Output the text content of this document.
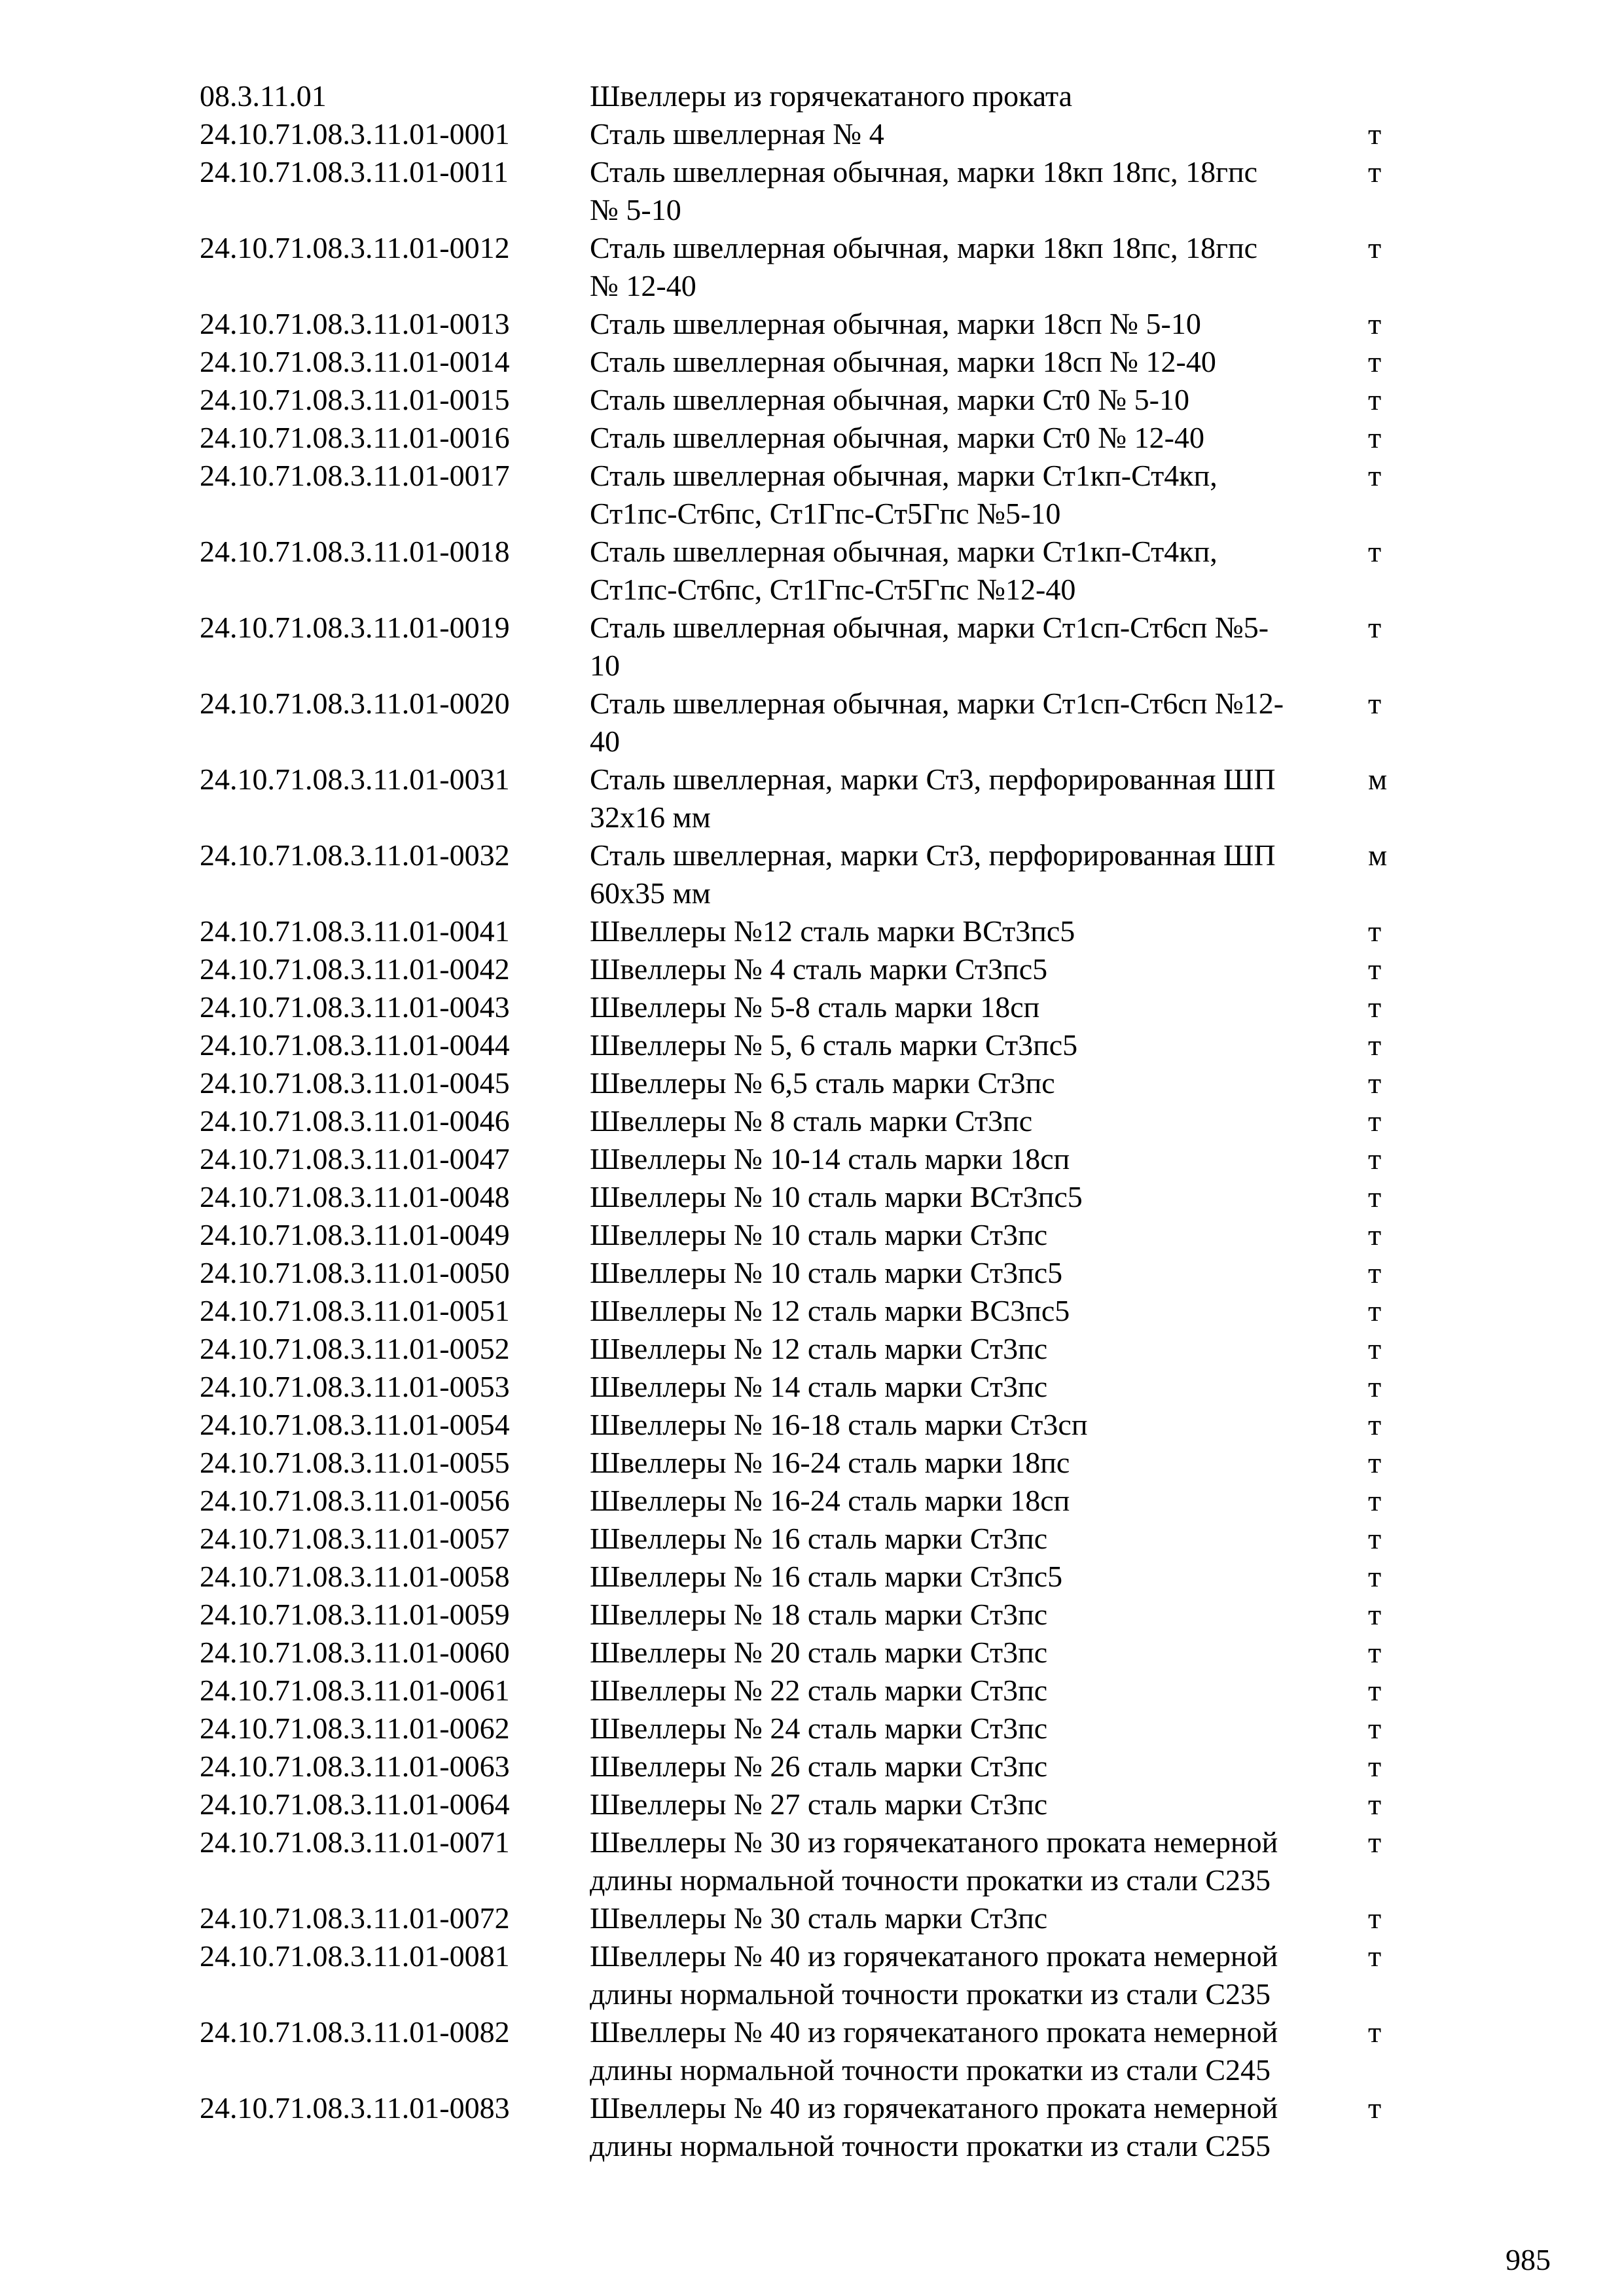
08.3.11.01	Швеллеры из горячекатаного проката
24.10.71.08.3.11.01-0001	Сталь швеллерная № 4	т
24.10.71.08.3.11.01-0011	Сталь швеллерная обычная, марки 18кп 18пс, 18гпс
№ 5-10
т
24.10.71.08.3.11.01-0012	Сталь швеллерная обычная, марки 18кп 18пс, 18гпс
№ 12-40
т
24.10.71.08.3.11.01-0013	Сталь швеллерная обычная, марки 18сп № 5-10	т
24.10.71.08.3.11.01-0014	Сталь швеллерная обычная, марки 18сп № 12-40	т
24.10.71.08.3.11.01-0015	Сталь швеллерная обычная, марки Ст0 № 5-10	т
24.10.71.08.3.11.01-0016	Сталь швеллерная обычная, марки Ст0 № 12-40	т
24.10.71.08.3.11.01-0017	Сталь швеллерная обычная, марки Ст1кп-Ст4кп,
Ст1пс-Ст6пс, Ст1Гпс-Ст5Гпс №5-10
т
24.10.71.08.3.11.01-0018	Сталь швеллерная обычная, марки Ст1кп-Ст4кп,
Ст1пс-Ст6пс, Ст1Гпс-Ст5Гпс №12-40
т
24.10.71.08.3.11.01-0019	Сталь швеллерная обычная, марки Ст1сп-Ст6сп №5-
10
т
24.10.71.08.3.11.01-0020	Сталь швеллерная обычная, марки Ст1сп-Ст6сп №12-
40
т
24.10.71.08.3.11.01-0031	Сталь швеллерная, марки Ст3, перфорированная ШП
32x16 мм
м
24.10.71.08.3.11.01-0032	Сталь швеллерная, марки Ст3, перфорированная ШП
60x35 мм
м
24.10.71.08.3.11.01-0041	Швеллеры №12 сталь марки ВСт3пс5	т
24.10.71.08.3.11.01-0042	Швеллеры № 4 сталь марки Ст3пс5	т
24.10.71.08.3.11.01-0043	Швеллеры № 5-8 сталь марки 18сп	т
24.10.71.08.3.11.01-0044	Швеллеры № 5, 6 сталь марки Ст3пс5	т
24.10.71.08.3.11.01-0045	Швеллеры № 6,5 сталь марки Ст3пс	т
24.10.71.08.3.11.01-0046	Швеллеры № 8 сталь марки Ст3пс	т
24.10.71.08.3.11.01-0047	Швеллеры № 10-14 сталь марки 18сп	т
24.10.71.08.3.11.01-0048	Швеллеры № 10 сталь марки ВСт3пс5	т
24.10.71.08.3.11.01-0049	Швеллеры № 10 сталь марки Ст3пс	т
24.10.71.08.3.11.01-0050	Швеллеры № 10 сталь марки Ст3пс5	т
24.10.71.08.3.11.01-0051	Швеллеры № 12 сталь марки ВС3пс5	т
24.10.71.08.3.11.01-0052	Швеллеры № 12 сталь марки Ст3пс	т
24.10.71.08.3.11.01-0053	Швеллеры № 14 сталь марки Ст3пс	т
24.10.71.08.3.11.01-0054	Швеллеры № 16-18 сталь марки Ст3сп	т
24.10.71.08.3.11.01-0055	Швеллеры № 16-24 сталь марки 18пс	т
24.10.71.08.3.11.01-0056	Швеллеры № 16-24 сталь марки 18сп	т
24.10.71.08.3.11.01-0057	Швеллеры № 16 сталь марки Ст3пс	т
24.10.71.08.3.11.01-0058	Швеллеры № 16 сталь марки Ст3пс5	т
24.10.71.08.3.11.01-0059	Швеллеры № 18 сталь марки Ст3пс	т
24.10.71.08.3.11.01-0060	Швеллеры № 20 сталь марки Ст3пс	т
24.10.71.08.3.11.01-0061	Швеллеры № 22 сталь марки Ст3пс	т
24.10.71.08.3.11.01-0062	Швеллеры № 24 сталь марки Ст3пс	т
24.10.71.08.3.11.01-0063	Швеллеры № 26 сталь марки Ст3пс	т
24.10.71.08.3.11.01-0064	Швеллеры № 27 сталь марки Ст3пс	т
24.10.71.08.3.11.01-0071	Швеллеры № 30 из горячекатаного проката немерной
длины нормальной точности прокатки из стали С235
т
24.10.71.08.3.11.01-0072	Швеллеры № 30 сталь марки Ст3пс	т
24.10.71.08.3.11.01-0081	Швеллеры № 40 из горячекатаного проката немерной
длины нормальной точности прокатки из стали С235
т
24.10.71.08.3.11.01-0082	Швеллеры № 40 из горячекатаного проката немерной
длины нормальной точности прокатки из стали С245
т
24.10.71.08.3.11.01-0083	Швеллеры № 40 из горячекатаного проката немерной
длины нормальной точности прокатки из стали С255
т
985
